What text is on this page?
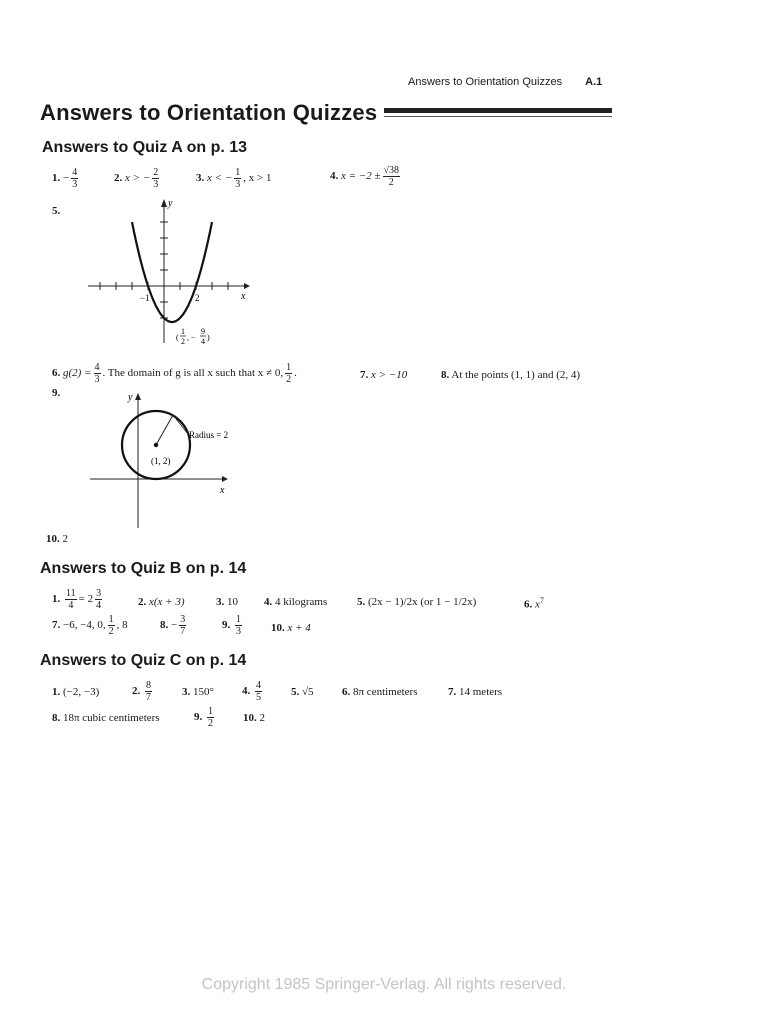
Answers to Orientation Quizzes A.1
Answers to Orientation Quizzes
Answers to Quiz A on p. 13
1. − $\frac{4}{3}$	2. x > − $\frac{2}{3}$	3. x < − $\frac{1}{3}$ , x > 1	4. $x = -2 \pm \frac{√38}{2}$
5.
y
x
−1	2
(
1
2 , −
9
4 )
6. $g(2) = \frac{4}{3}$ . The domain of g is all x such that x ≠ 0, $\frac{1}{2}$ .	7. x > −10	8. At the points (1, 1) and (2, 4)
9.	y
x
Radius = 2
(1, 2)
10. 2
Answers to Quiz B on p. 14
1. $\frac{11}{4} = 2 \frac{3}{4}$	2. x(x + 3)	3. 10 4. 4 kilograms	5. (2x − 1)/2x (or 1 − 1/2x)	6. $x^7$
7. −6, −4, 0, $\frac{1}{2}$ , 8	8. − $\frac{3}{7}$	9. $\frac{1}{3}$	10. x + 4
Answers to Quiz C on p. 14
1. (−2, −3)	2. $\frac{8}{7}$	3. 150°	4. $\frac{4}{5}$	5. √5	6. 8π centimeters	7. 14 meters
8. 18π cubic centimeters	9. $\frac{1}{2}$	10. 2
Copyright 1985 Springer-Verlag. All rights reserved.
